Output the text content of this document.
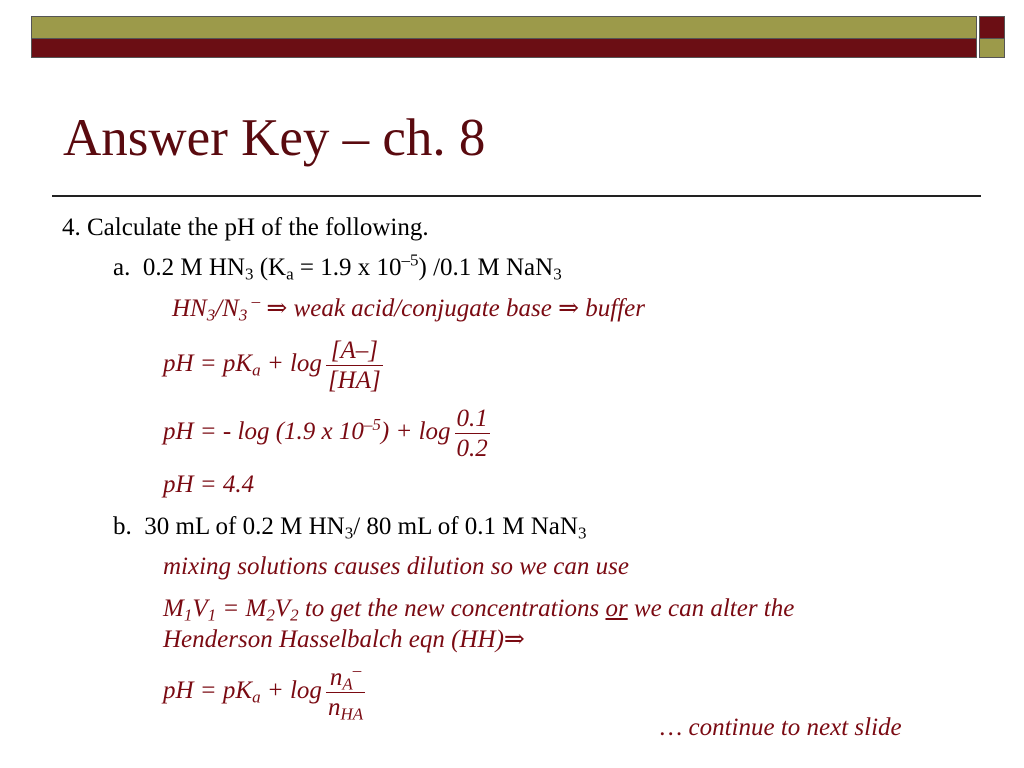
Answer Key – ch. 8
4. Calculate the pH of the following.
a. 0.2 M $HN_3$ ($K_a = 1.9$ x $10^{-5}$) /0.1 M NaN$_3$
$HN_3/N_3$ – ⇒ weak acid/conjugate base ⇒ buffer
pH = $pK_a + \log \frac{[A-]}{[HA]}$
pH = - log (1.9 x $10^{-5}) + \log \frac{0.1}{0.2}$
pH = 4.4
b. 30 mL of 0.2 M $HN_3/$ 80 mL of 0.1 M NaN$_3$
mixing solutions causes dilution so we can use
$M_1V_1 = M_2V_2$ to get the new concentrations or we can alter the
Henderson Hasselbalch eqn (HH)⇒
pH = $pK_a + \log \frac{n_A^-}{n_{HA}}$
… continue to next slide
